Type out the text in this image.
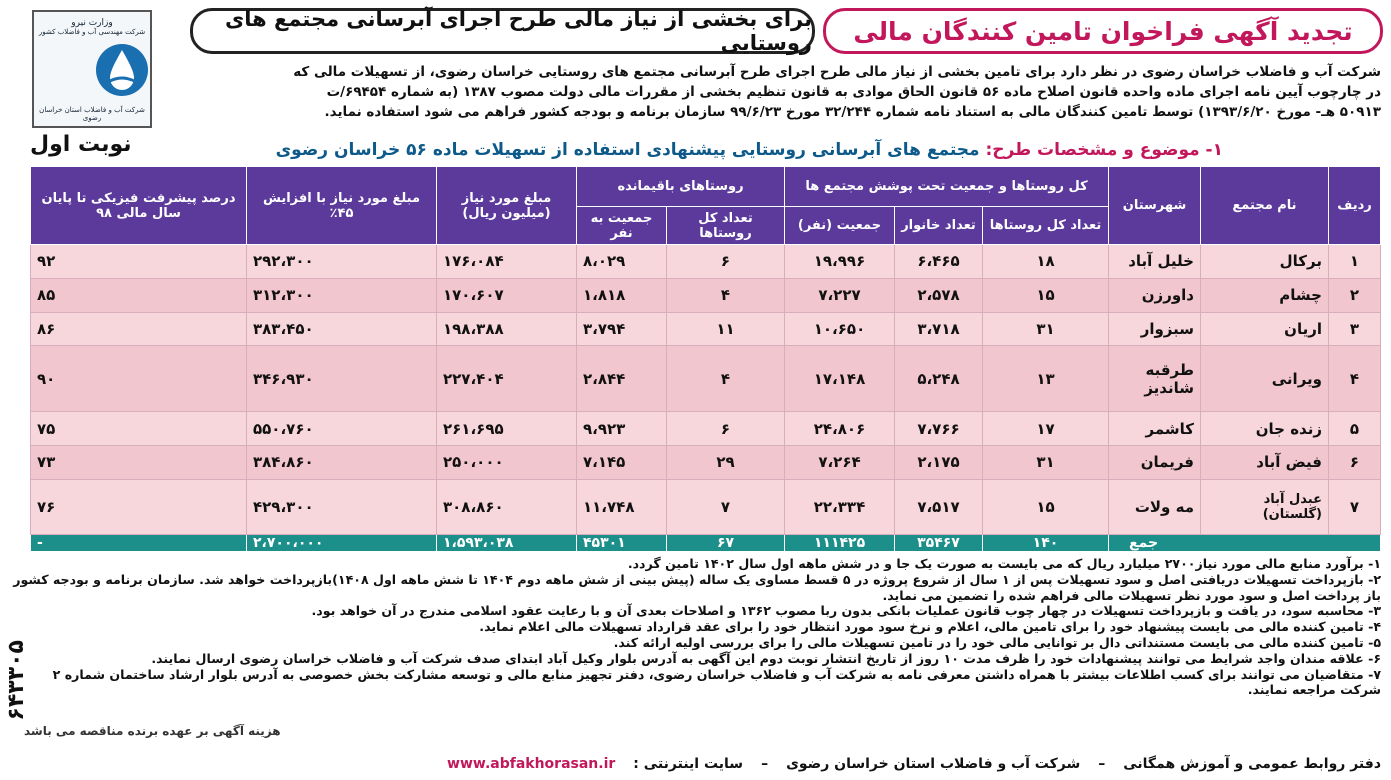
تجدید آگهی فراخوان تامین کنندگان مالی
برای بخشی از نیاز مالی طرح اجرای آبرسانی مجتمع های روستایی
وزارت نیرو
شرکت مهندسی آب و فاضلاب کشور
شرکت آب و فاضلاب استان خراسان رضوی
شرکت آب و فاضلاب خراسان رضوی در نظر دارد برای تامین بخشی از نیاز مالی طرح اجرای طرح آبرسانی مجتمع های روستایی خراسان رضوی، از تسهیلات مالی که
در چارچوب آیین نامه اجرای ماده واحده قانون اصلاح ماده ۵۶ قانون الحاق موادی به قانون تنظیم بخشی از مقررات مالی دولت مصوب ۱۳۸۷ (به شماره ۶۹۴۵۴/ت
۵۰۹۱۳ هـ- مورخ ۱۳۹۳/۶/۲۰) توسط تامین کنندگان مالی به استناد نامه شماره ۳۲/۲۴۴ مورخ ۹۹/۶/۲۳ سازمان برنامه و بودجه کشور فراهم می شود استفاده نماید.
نوبت اول	۱- موضوع و مشخصات طرح: مجتمع های آبرسانی روستایی پیشنهادی استفاده از تسهیلات ماده ۵۶ خراسان رضوی
ردیف	نام مجتمع	شهرستان	کل روستاها و جمعیت تحت پوشش مجتمع ها			روستاهای باقیمانده		مبلغ مورد نیاز (میلیون ریال)	مبلغ مورد نیاز با افزایش ۴۵٪	درصد پیشرفت فیزیکی تا پایان سال مالی ۹۸
			تعداد کل روستاها	تعداد خانوار	جمعیت (نفر)	تعداد کل روستاها	جمعیت به نفر			
۱	برکال	خلیل آباد	۱۸	۶،۴۶۵	۱۹،۹۹۶	۶	۸،۰۲۹	۱۷۶،۰۸۴	۲۹۲،۳۰۰	۹۲
۲	چشام	داورزن	۱۵	۲،۵۷۸	۷،۲۲۷	۴	۱،۸۱۸	۱۷۰،۶۰۷	۳۱۲،۳۰۰	۸۵
۳	اریان	سبزوار	۳۱	۳،۷۱۸	۱۰،۶۵۰	۱۱	۳،۷۹۴	۱۹۸،۳۸۸	۳۸۳،۴۵۰	۸۶
۴	ویرانی	طرقبه شاندیز	۱۳	۵،۲۴۸	۱۷،۱۴۸	۴	۲،۸۴۴	۲۲۷،۴۰۴	۳۴۶،۹۳۰	۹۰
۵	زنده جان	کاشمر	۱۷	۷،۷۶۶	۲۴،۸۰۶	۶	۹،۹۲۳	۲۶۱،۶۹۵	۵۵۰،۷۶۰	۷۵
۶	فیض آباد	فریمان	۳۱	۲،۱۷۵	۷،۲۶۴	۲۹	۷،۱۴۵	۲۵۰،۰۰۰	۳۸۴،۸۶۰	۷۳
۷	عبدل آباد (گلستان)	مه ولات	۱۵	۷،۵۱۷	۲۲،۳۳۴	۷	۱۱،۷۴۸	۳۰۸،۸۶۰	۴۲۹،۳۰۰	۷۶
جمع			۱۴۰	۳۵۴۶۷	۱۱۱۴۲۵	۶۷	۴۵۳۰۱	۱،۵۹۳،۰۳۸	۲،۷۰۰،۰۰۰	-
۱- برآورد منابع مالی مورد نیاز۲۷۰۰ میلیارد ریال که می بایست به صورت یک جا و در شش ماهه اول سال ۱۴۰۲ تامین گردد.
۲- بازپرداخت تسهیلات دریافتی اصل و سود تسهیلات پس از ۱ سال از شروع پروژه در ۵ قسط مساوی یک ساله (پیش بینی از شش ماهه دوم ۱۴۰۴ تا شش ماهه اول ۱۴۰۸)بازپرداخت خواهد شد. سازمان برنامه و بودجه کشور
باز پرداخت اصل و سود مورد نظر تسهیلات مالی فراهم شده را تضمین می نماید.
۳- محاسبه سود، در یافت و بازپرداخت تسهیلات در چهار چوب قانون عملیات بانکی بدون ربا مصوب ۱۳۶۲ و اصلاحات بعدی آن و با رعایت عقود اسلامی مندرج در آن خواهد بود.
۴- تامین کننده مالی می بایست پیشنهاد خود را برای تامین مالی، اعلام و نرخ سود مورد انتظار خود را برای عقد قرارداد تسهیلات مالی اعلام نماید.
۵- تامین کننده مالی می بایست مستنداتی دال بر توانایی مالی خود را در تامین تسهیلات مالی را برای بررسی اولیه ارائه کند.
۶- علاقه مندان واجد شرایط می توانند پیشنهادات خود را ظرف مدت ۱۰ روز از تاریخ انتشار نوبت دوم این آگهی به آدرس بلوار وکیل آباد ابتدای صدف شرکت آب و فاضلاب خراسان رضوی ارسال نمایند.
۷- متقاضیان می توانند برای کسب اطلاعات بیشتر با همراه داشتن معرفی نامه به شرکت آب و فاضلاب خراسان رضوی، دفتر تجهیز منابع مالی و توسعه مشارکت بخش خصوصی به آدرس بلوار ارشاد ساختمان شماره ۲
شرکت مراجعه نمایند.
هزینه آگهی بر عهده برنده مناقصه می باشد
۶۴۳۳۰۵
دفتر روابط عمومی و آموزش همگانی
–
شرکت آب و فاضلاب استان خراسان رضوی
–
سایت اینترنتی :
www.abfakhorasan.ir
